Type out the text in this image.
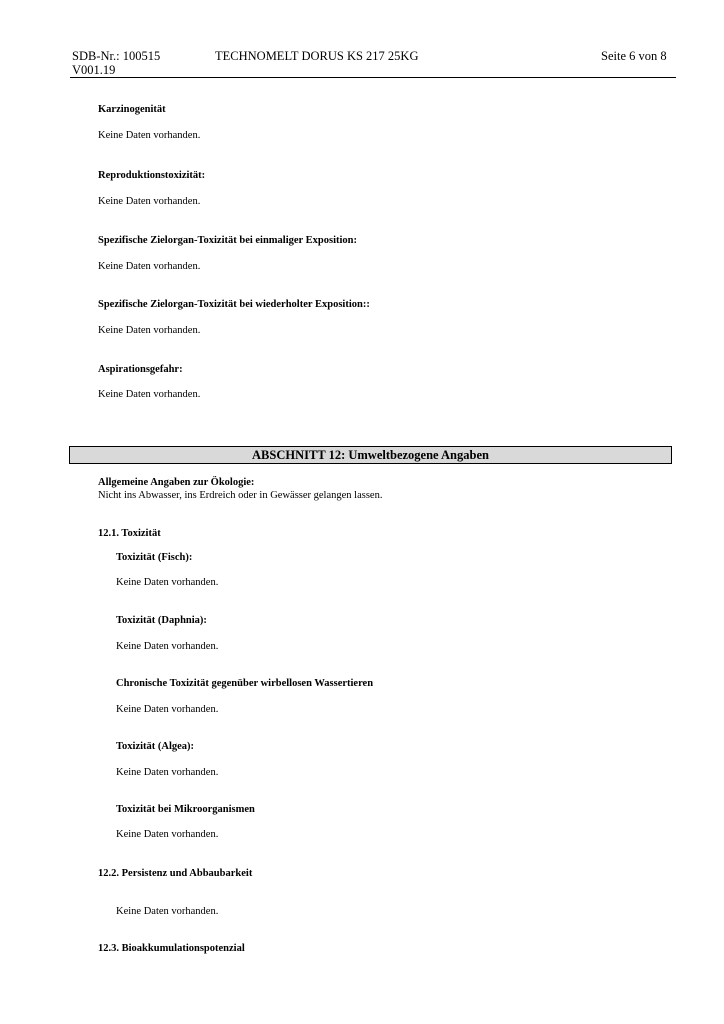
SDB-Nr.: 100515	TECHNOMELT DORUS KS 217 25KG	Seite 6 von 8
V001.19
Karzinogenität
Keine Daten vorhanden.
Reproduktionstoxizität:
Keine Daten vorhanden.
Spezifische Zielorgan-Toxizität bei einmaliger Exposition:
Keine Daten vorhanden.
Spezifische Zielorgan-Toxizität bei wiederholter Exposition::
Keine Daten vorhanden.
Aspirationsgefahr:
Keine Daten vorhanden.
ABSCHNITT 12: Umweltbezogene Angaben
Allgemeine Angaben zur Ökologie:
Nicht ins Abwasser, ins Erdreich oder in Gewässer gelangen lassen.
12.1. Toxizität
Toxizität (Fisch):
Keine Daten vorhanden.
Toxizität (Daphnia):
Keine Daten vorhanden.
Chronische Toxizität gegenüber wirbellosen Wassertieren
Keine Daten vorhanden.
Toxizität (Algea):
Keine Daten vorhanden.
Toxizität bei Mikroorganismen
Keine Daten vorhanden.
12.2. Persistenz und Abbaubarkeit
Keine Daten vorhanden.
12.3. Bioakkumulationspotenzial
